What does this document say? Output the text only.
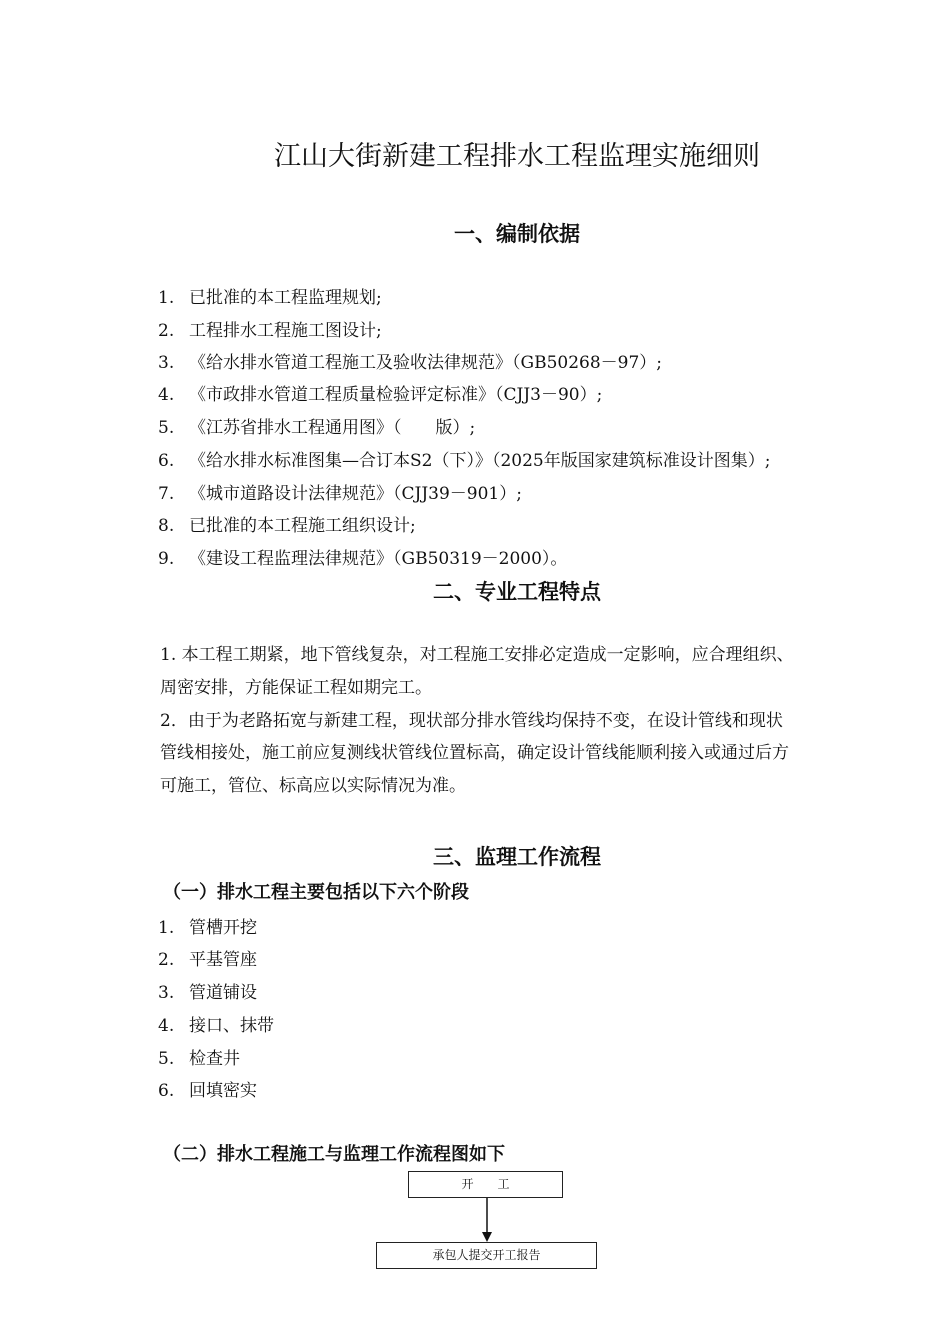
江山大街新建工程排水工程监理实施细则
一、编制依据
1. 已批准的本工程监理规划;
2. 工程排水工程施工图设计;
3. 《给水排水管道工程施工及验收法律规范》（GB50268－97）;
4. 《市政排水管道工程质量检验评定标准》（CJJ3－90）;
5. 《江苏省排水工程通用图》（　　版）;
6. 《给水排水标准图集—合订本S2（下）》（2025年版国家建筑标准设计图集）;
7. 《城市道路设计法律规范》（CJJ39－901）;
8. 已批准的本工程施工组织设计;
9. 《建设工程监理法律规范》（GB50319－2000）。
二、专业工程特点
1. 本工程工期紧，地下管线复杂，对工程施工安排必定造成一定影响，应合理组织、
周密安排，方能保证工程如期完工。
2．由于为老路拓宽与新建工程，现状部分排水管线均保持不变，在设计管线和现状
管线相接处，施工前应复测线状管线位置标高，确定设计管线能顺利接入或通过后方
可施工，管位、标高应以实际情况为准。
三、监理工作流程
（一）排水工程主要包括以下六个阶段
1. 管槽开挖
2. 平基管座
3. 管道铺设
4. 接口、抹带
5. 检查井
6. 回填密实
（二）排水工程施工与监理工作流程图如下
开　　工
承包人提交开工报告
